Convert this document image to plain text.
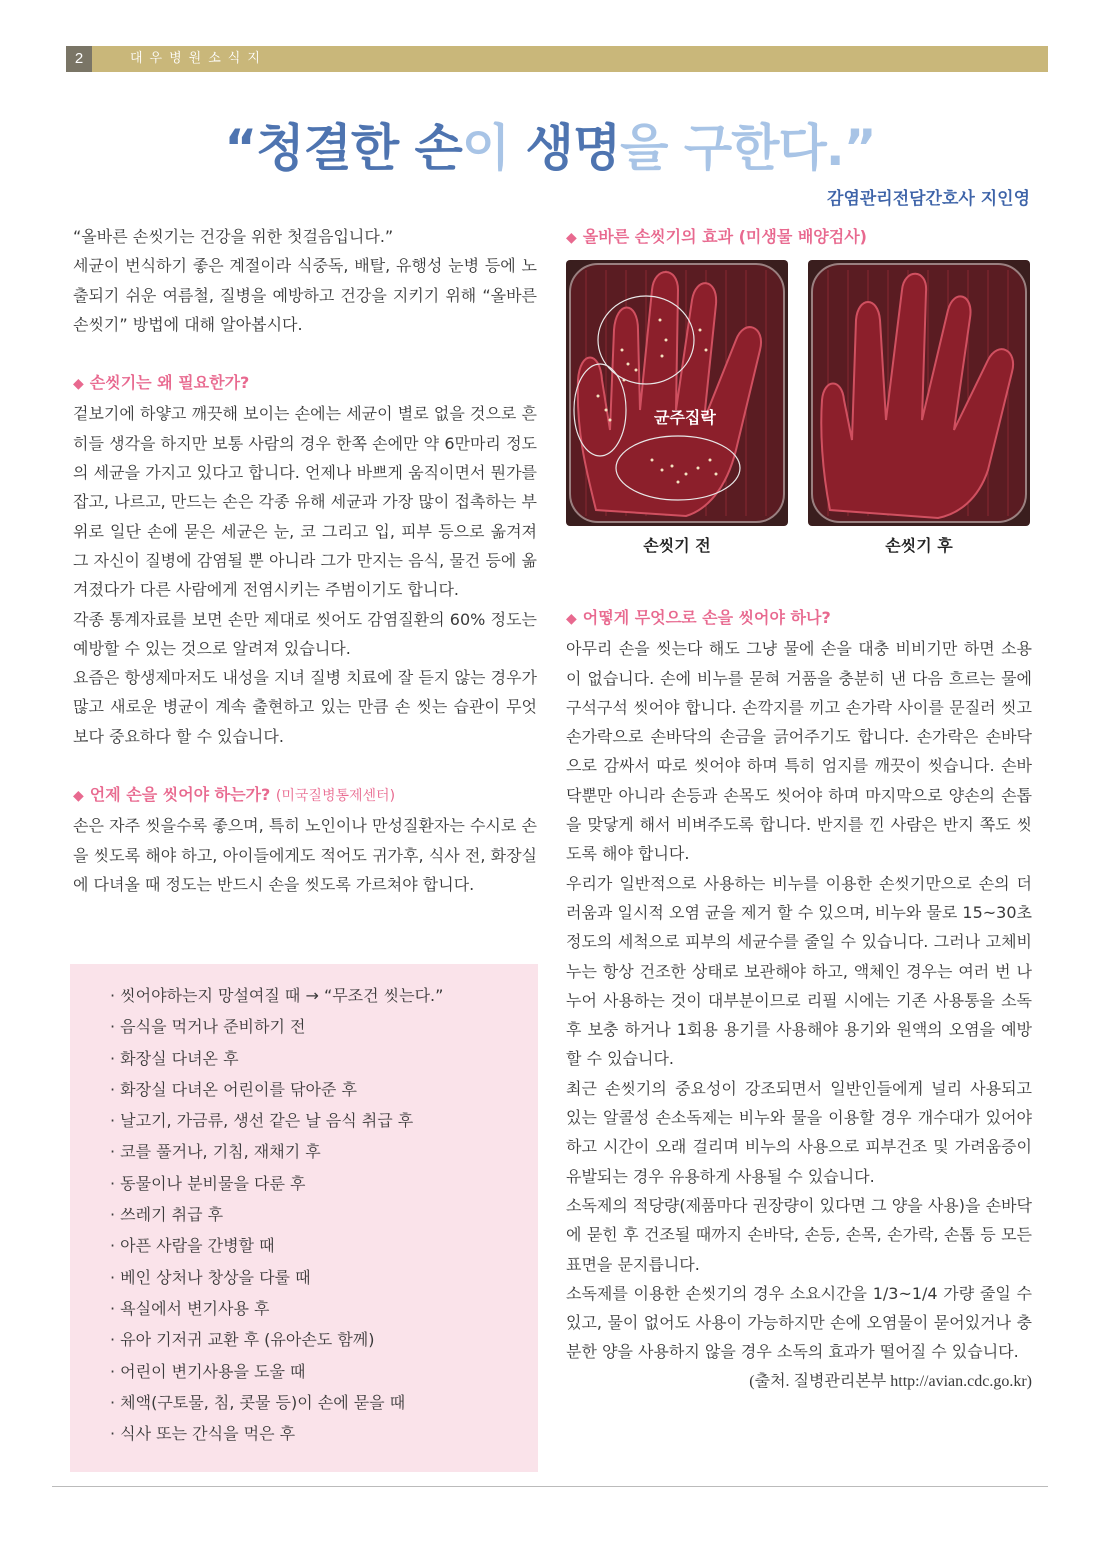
2	대우병원소식지
“청결한 손이 생명을 구한다.”
감염관리전담간호사 지인영

“올바른 손씻기는 건강을 위한 첫걸음입니다.”

세균이 번식하기 좋은 계절이라 식중독, 배탈, 유행성 눈병 등에 노출되기 쉬운 여름철, 질병을 예방하고 건강을 지키기 위해 “올바른 손씻기” 방법에 대해 알아봅시다.

◆ 손씻기는 왜 필요한가?

겉보기에 하얗고 깨끗해 보이는 손에는 세균이 별로 없을 것으로 흔히들 생각을 하지만 보통 사람의 경우 한쪽 손에만 약 6만마리 정도의 세균을 가지고 있다고 합니다. 언제나 바쁘게 움직이면서 뭔가를 잡고, 나르고, 만드는 손은 각종 유해 세균과 가장 많이 접촉하는 부위로 일단 손에 묻은 세균은 눈, 코 그리고 입, 피부 등으로 옮겨져 그 자신이 질병에 감염될 뿐 아니라 그가 만지는 음식, 물건 등에 옮겨졌다가 다른 사람에게 전염시키는 주범이기도 합니다.

각종 통계자료를 보면 손만 제대로 씻어도 감염질환의 60% 정도는 예방할 수 있는 것으로 알려져 있습니다.

요즘은 항생제마저도 내성을 지녀 질병 치료에 잘 듣지 않는 경우가 많고 새로운 병균이 계속 출현하고 있는 만큼 손 씻는 습관이 무엇보다 중요하다 할 수 있습니다.

◆ 언제 손을 씻어야 하는가? (미국질병통제센터)

손은 자주 씻을수록 좋으며, 특히 노인이나 만성질환자는 수시로 손을 씻도록 해야 하고, 아이들에게도 적어도 귀가후, 식사 전, 화장실에 다녀올 때 정도는 반드시 손을 씻도록 가르쳐야 합니다.

· 씻어야하는지 망설여질 때 → “무조건 씻는다.”
· 음식을 먹거나 준비하기 전
· 화장실 다녀온 후
· 화장실 다녀온 어린이를 닦아준 후
· 날고기, 가금류, 생선 같은 날 음식 취급 후
· 코를 풀거나, 기침, 재채기 후
· 동물이나 분비물을 다룬 후
· 쓰레기 취급 후
· 아픈 사람을 간병할 때
· 베인 상처나 창상을 다룰 때
· 욕실에서 변기사용 후
· 유아 기저귀 교환 후 (유아손도 함께)
· 어린이 변기사용을 도울 때
· 체액(구토물, 침, 콧물 등)이 손에 묻을 때
· 식사 또는 간식을 먹은 후
◆ 올바른 손씻기의 효과 (미생물 배양검사)
균주집락
손씻기 전	손씻기 후
◆ 어떻게 무엇으로 손을 씻어야 하나?

아무리 손을 씻는다 해도 그냥 물에 손을 대충 비비기만 하면 소용이 없습니다. 손에 비누를 묻혀 거품을 충분히 낸 다음 흐르는 물에 구석구석 씻어야 합니다. 손깍지를 끼고 손가락 사이를 문질러 씻고 손가락으로 손바닥의 손금을 긁어주기도 합니다. 손가락은 손바닥으로 감싸서 따로 씻어야 하며 특히 엄지를 깨끗이 씻습니다. 손바닥뿐만 아니라 손등과 손목도 씻어야 하며 마지막으로 양손의 손톱을 맞닿게 해서 비벼주도록 합니다. 반지를 낀 사람은 반지 쪽도 씻도록 해야 합니다.

우리가 일반적으로 사용하는 비누를 이용한 손씻기만으로 손의 더러움과 일시적 오염 균을 제거 할 수 있으며, 비누와 물로 15~30초 정도의 세척으로 피부의 세균수를 줄일 수 있습니다. 그러나 고체비누는 항상 건조한 상태로 보관해야 하고, 액체인 경우는 여러 번 나누어 사용하는 것이 대부분이므로 리필 시에는 기존 사용통을 소독 후 보충 하거나 1회용 용기를 사용해야 용기와 원액의 오염을 예방할 수 있습니다.

최근 손씻기의 중요성이 강조되면서 일반인들에게 널리 사용되고 있는 알콜성 손소독제는 비누와 물을 이용할 경우 개수대가 있어야하고 시간이 오래 걸리며 비누의 사용으로 피부건조 및 가려움증이 유발되는 경우 유용하게 사용될 수 있습니다.

소독제의 적당량(제품마다 권장량이 있다면 그 양을 사용)을 손바닥에 묻힌 후 건조될 때까지 손바닥, 손등, 손목, 손가락, 손톱 등 모든 표면을 문지릅니다.

소독제를 이용한 손씻기의 경우 소요시간을 1/3~1/4 가량 줄일 수 있고, 물이 없어도 사용이 가능하지만 손에 오염물이 묻어있거나 충분한 양을 사용하지 않을 경우 소독의 효과가 떨어질 수 있습니다.

(출처. 질병관리본부 http://avian.cdc.go.kr)
